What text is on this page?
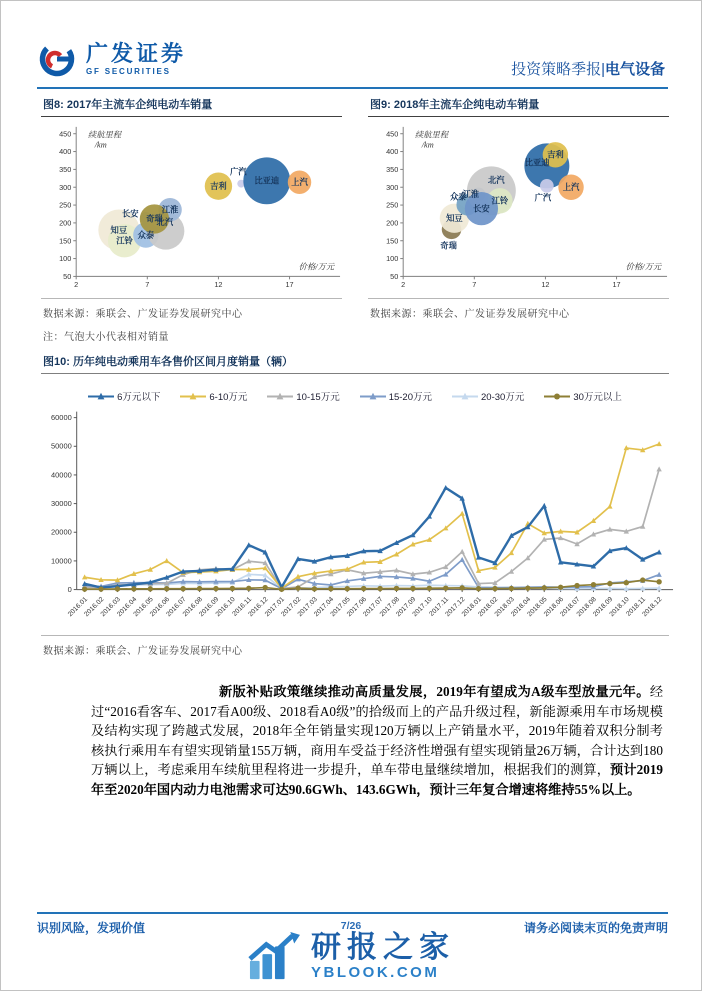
广发证券
GF SECURITIES	投资策略季报|电气设备
图8: 2017年主流车企纯电动车销量
50
100
150
200
250
300
350
400
450
2	7	12	17
续航里程
/km
价格/万元
知豆
江铃
长安
众泰
北汽
江淮
奇瑞
吉利
广汽
比亚迪 上汽
数据来源：乘联会、广发证券发展研究中心
注：气泡大小代表相对销量
图9: 2018年主流车企纯电动车销量
50
100
150
200
250
300
350
400
450
2	7	12	17
续航里程
/km
价格/万元
奇瑞
知豆
众泰
江淮
北汽
江铃
长安
比亚迪
吉利
广汽
上汽
数据来源：乘联会、广发证券发展研究中心
图10: 历年纯电动乘用车各售价区间月度销量（辆）
6万元以下	6-10万元	10-15万元	15-20万元	20-30万元	30万元以上
0
10000
20000
30000
40000
50000
60000
2016.01
2016.02
2016.03
2016.04
2016.05
2016.06
2016.07
2016.08
2016.09
2016.10
2016.11
2016.12
2017.01
2017.02
2017.03
2017.04
2017.05
2017.06
2017.07
2017.08
2017.09
2017.10
2017.11
2017.12
2018.01
2018.02
2018.03
2018.04
2018.05
2018.06
2018.07
2018.08
2018.09
2018.10
2018.11
2018.12
数据来源：乘联会、广发证券发展研究中心

新版补贴政策继续推动高质量发展，2019年有望成为A级车型放量元年。经过“2016看客车、2017看A00级、2018看A0级”的拾级而上的产品升级过程，新能源乘用车市场规模及结构实现了跨越式发展，2018年全年销量实现120万辆以上产销量水平，2019年随着双积分制考核执行乘用车有望实现销量155万辆，商用车受益于经济性增强有望实现销量26万辆，合计达到180万辆以上，考虑乘用车续航里程将进一步提升，单车带电量继续增加，根据我们的测算，预计2019年至2020年国内动力电池需求可达90.6GWh、143.6GWh，预计三年复合增速将维持55%以上。

识别风险，发现价值	请务必阅读末页的免责声明
7/26
研报之家
YBLOOK.COM
